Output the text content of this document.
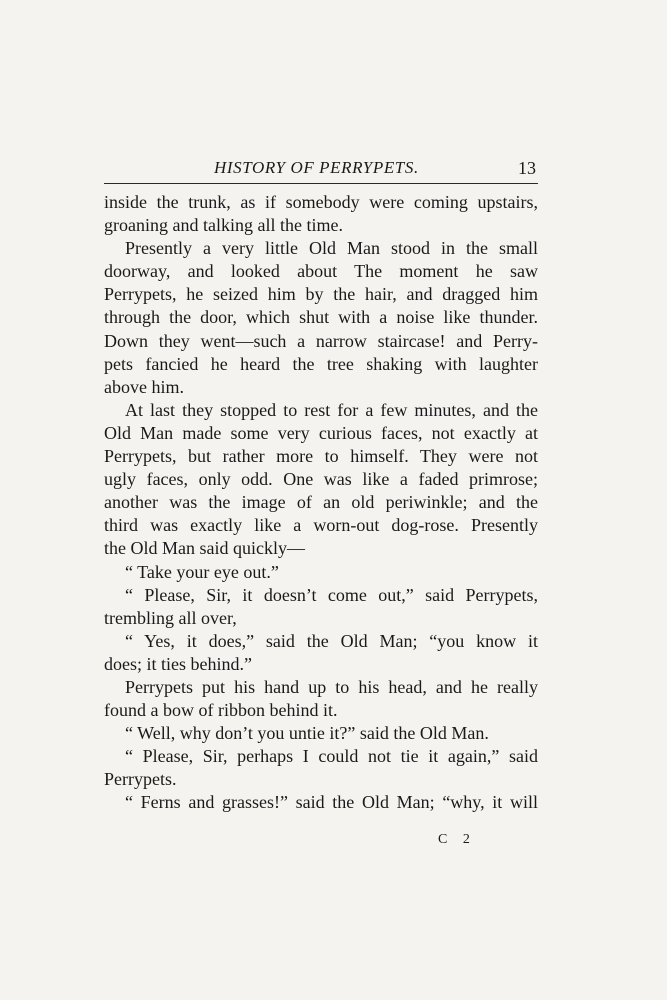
HISTORY OF PERRYPETS.	13
inside the trunk, as if somebody were coming upstairs,
groaning and talking all the time.
Presently a very little Old Man stood in the small
doorway, and looked about The moment he saw
Perrypets, he seized him by the hair, and dragged him
through the door, which shut with a noise like thunder.
Down they went—such a narrow staircase! and Perry-
pets fancied he heard the tree shaking with laughter
above him.
At last they stopped to rest for a few minutes, and the
Old Man made some very curious faces, not exactly at
Perrypets, but rather more to himself. They were not
ugly faces, only odd. One was like a faded primrose;
another was the image of an old periwinkle; and the
third was exactly like a worn-out dog-rose. Presently
the Old Man said quickly—
“ Take your eye out.”
“ Please, Sir, it doesn’t come out,” said Perrypets,
trembling all over,
“ Yes, it does,” said the Old Man; “you know it
does; it ties behind.”
Perrypets put his hand up to his head, and he really
found a bow of ribbon behind it.
“ Well, why don’t you untie it?” said the Old Man.
“ Please, Sir, perhaps I could not tie it again,” said
Perrypets.
“ Ferns and grasses!” said the Old Man; “why, it will
C 2
